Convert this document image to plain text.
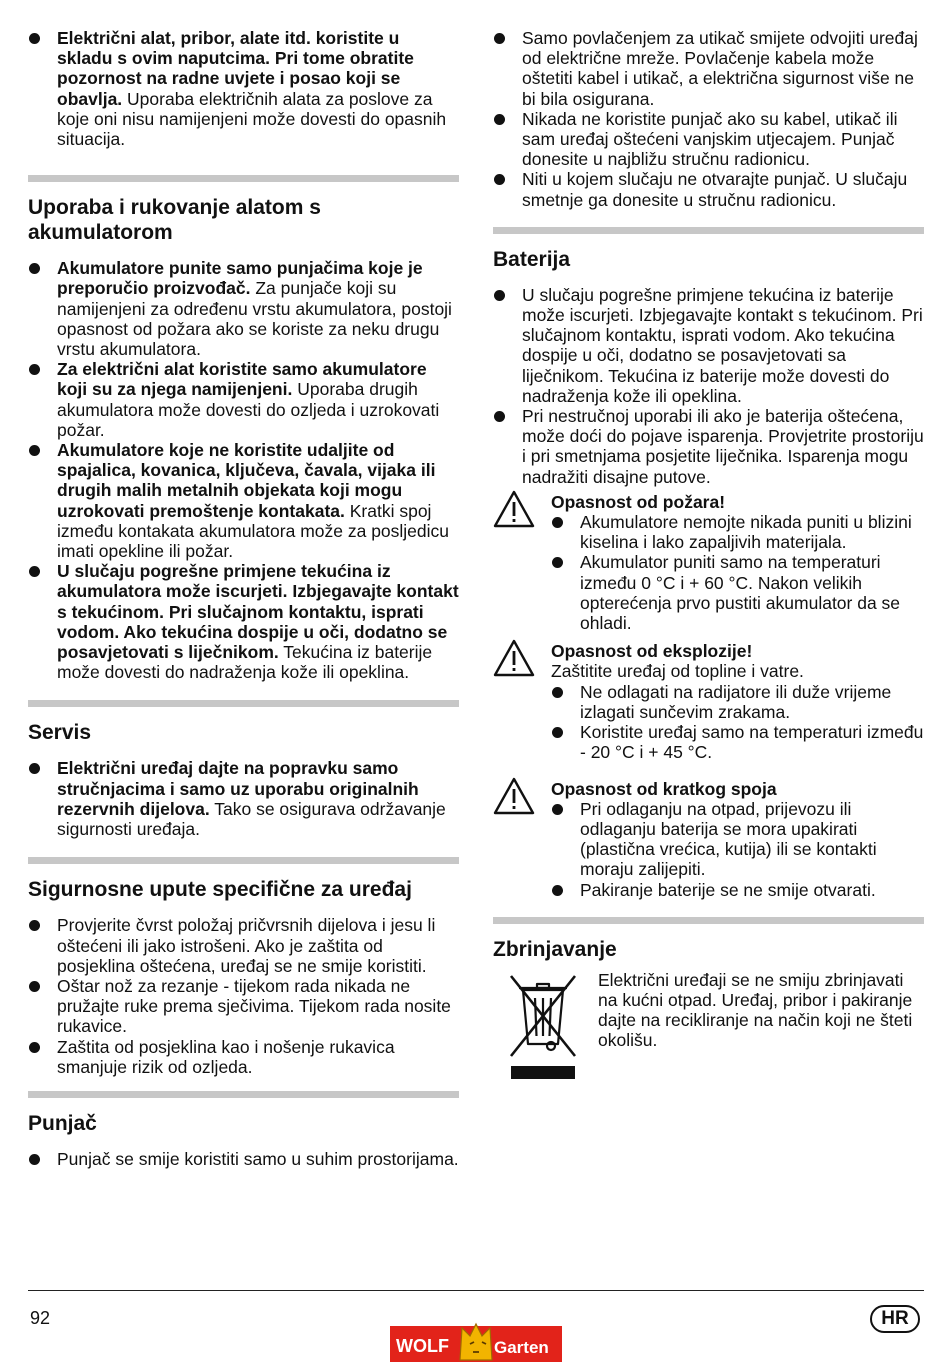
Električni alat, pribor, alate itd. koristite u skladu s ovim naputcima. Pri tome obratite pozornost na radne uvjete i posao koji se obavlja. Uporaba električnih alata za poslove za koje oni nisu namijenjeni može dovesti do opasnih situacija.
Uporaba i rukovanje alatom s akumulatorom
Akumulatore punite samo punjačima koje je preporučio proizvođač. Za punjače koji su namijenjeni za određenu vrstu akumulatora, postoji opasnost od požara ako se koriste za neku drugu vrstu akumulatora.
Za električni alat koristite samo akumulatore koji su za njega namijenjeni. Uporaba drugih akumulatora može dovesti do ozljeda i uzrokovati požar.
Akumulatore koje ne koristite udaljite od spajalica, kovanica, ključeva, čavala, vijaka ili drugih malih metalnih objekata koji mogu uzrokovati premoštenje kontakata. Kratki spoj između kontakata akumulatora može za posljedicu imati opekline ili požar.
U slučaju pogrešne primjene tekućina iz akumulatora može iscurjeti. Izbjegavajte kontakt s tekućinom. Pri slučajnom kontaktu, isprati vodom. Ako tekućina dospije u oči, dodatno se posavjetovati s liječnikom. Tekućina iz baterije može dovesti do nadraženja kože ili opeklina.
Servis
Električni uređaj dajte na popravku samo stručnjacima i samo uz uporabu originalnih rezervnih dijelova. Tako se osigurava održavanje sigurnosti uređaja.
Sigurnosne upute specifične za uređaj
Provjerite čvrst položaj pričvrsnih dijelova i jesu li oštećeni ili jako istrošeni. Ako je zaštita od posjeklina oštećena, uređaj se ne smije koristiti.
Oštar nož za rezanje - tijekom rada nikada ne pružajte ruke prema sječivima. Tijekom rada nosite rukavice.
Zaštita od posjeklina kao i nošenje rukavica smanjuje rizik od ozljeda.
Punjač
Punjač se smije koristiti samo u suhim prostorijama.
Samo povlačenjem za utikač smijete odvojiti uređaj od električne mreže. Povlačenje kabela može oštetiti kabel i utikač, a električna sigurnost više ne bi bila osigurana.
Nikada ne koristite punjač ako su kabel, utikač ili sam uređaj oštećeni vanjskim utjecajem. Punjač donesite u najbližu stručnu radionicu.
Niti u kojem slučaju ne otvarajte punjač. U slučaju smetnje ga donesite u stručnu radionicu.
Baterija
U slučaju pogrešne primjene tekućina iz baterije može iscurjeti. Izbjegavajte kontakt s tekućinom. Pri slučajnom kontaktu, isprati vodom. Ako tekućina dospije u oči, dodatno se posavjetovati sa liječnikom. Tekućina iz baterije može dovesti do nadraženja kože ili opeklina.
Pri nestručnoj uporabi ili ako je baterija oštećena, može doći do pojave isparenja. Provjetrite prostoriju i pri smetnjama posjetite liječnika. Isparenja mogu nadražiti disajne putove.
Opasnost od požara!
Akumulatore nemojte nikada puniti u blizini kiselina i lako zapaljivih materijala.
Akumulator puniti samo na temperaturi između 0 °C i + 60 °C. Nakon velikih opterećenja prvo pustiti akumulator da se ohladi.
Opasnost od eksplozije!
Zaštitite uređaj od topline i vatre.
Ne odlagati na radijatore ili duže vrijeme izlagati sunčevim zrakama.
Koristite uređaj samo na temperaturi između - 20 °C i + 45 °C.
Opasnost od kratkog spoja
Pri odlaganju na otpad, prijevozu ili odlaganju baterija se mora upakirati (plastična vrećica, kutija) ili se kontakti moraju zalijepiti.
Pakiranje baterije se ne smije otvarati.
Zbrinjavanje
Električni uređaji se ne smiju zbrinjavati na kućni otpad. Uređaj, pribor i pakiranje dajte na recikliranje na način koji ne šteti okolišu.
92	HR
WOLF	Garten
